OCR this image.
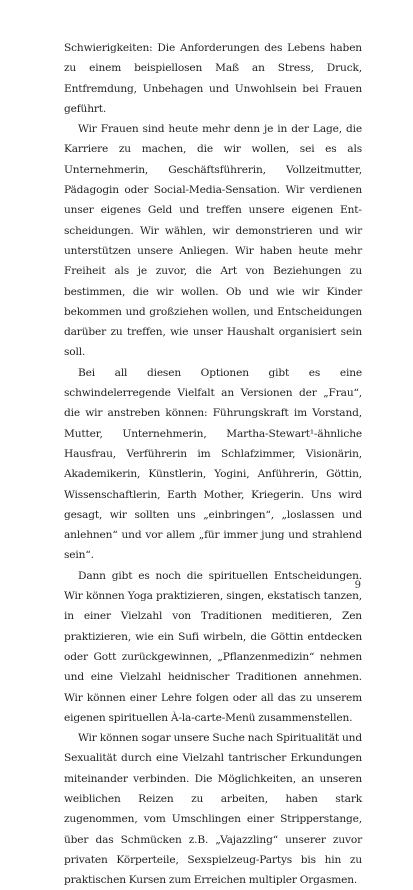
Schwierigkeiten: Die Anforderungen des Lebens haben zu einem beispiellosen Maß an Stress, Druck, Entfremdung, Unbehagen und Unwohlsein bei Frauen geführt.

Wir Frauen sind heute mehr denn je in der Lage, die Karriere zu machen, die wir wollen, sei es als Unternehmerin, Geschäftsführerin, Vollzeitmutter, Pädagogin oder Social-Media-Sensation. Wir verdienen unser eigenes Geld und treffen unsere eigenen Entscheidungen. Wir wählen, wir demonstrieren und wir unterstützen unsere Anliegen. Wir haben heute mehr Freiheit als je zuvor, die Art von Beziehungen zu bestimmen, die wir wollen. Ob und wie wir Kinder bekommen und großziehen wollen, und Entscheidungen darüber zu treffen, wie unser Haushalt organisiert sein soll.

Bei all diesen Optionen gibt es eine schwindelerregende Vielfalt an Versionen der „Frau“, die wir anstreben können: Führungskraft im Vorstand, Mutter, Unternehmerin, Martha-Stewart¹-ähnliche Hausfrau, Verführerin im Schlafzimmer, Visionärin, Akademikerin, Künstlerin, Yogini, Anführerin, Göttin, Wissenschaftlerin, Earth Mother, Kriegerin. Uns wird gesagt, wir sollten uns „einbringen“, „loslassen und anlehnen“ und vor allem „für immer jung und strahlend sein“.

Dann gibt es noch die spirituellen Entscheidungen. Wir können Yoga praktizieren, singen, ekstatisch tanzen, in einer Vielzahl von Traditionen meditieren, Zen praktizieren, wie ein Sufi wirbeln, die Göttin entdecken oder Gott zurückgewinnen, „Pflanzenmedizin“ nehmen und eine Vielzahl heidnischer Traditionen annehmen. Wir können einer Lehre folgen oder all das zu unserem eigenen spirituellen À-la-carte-Menü zusammenstellen.

Wir können sogar unsere Suche nach Spiritualität und Sexualität durch eine Vielzahl tantrischer Erkundungen miteinander verbinden. Die Möglichkeiten, an unseren weiblichen Reizen zu arbeiten, haben stark zugenommen, vom Umschlingen einer Stripperstange, über das Schmücken z.B. „Vajazzling“ unserer zuvor privaten Körperteile, Sexspielzeug-Partys bis hin zu praktischen Kursen zum Erreichen multipler Orgasmen.

9
